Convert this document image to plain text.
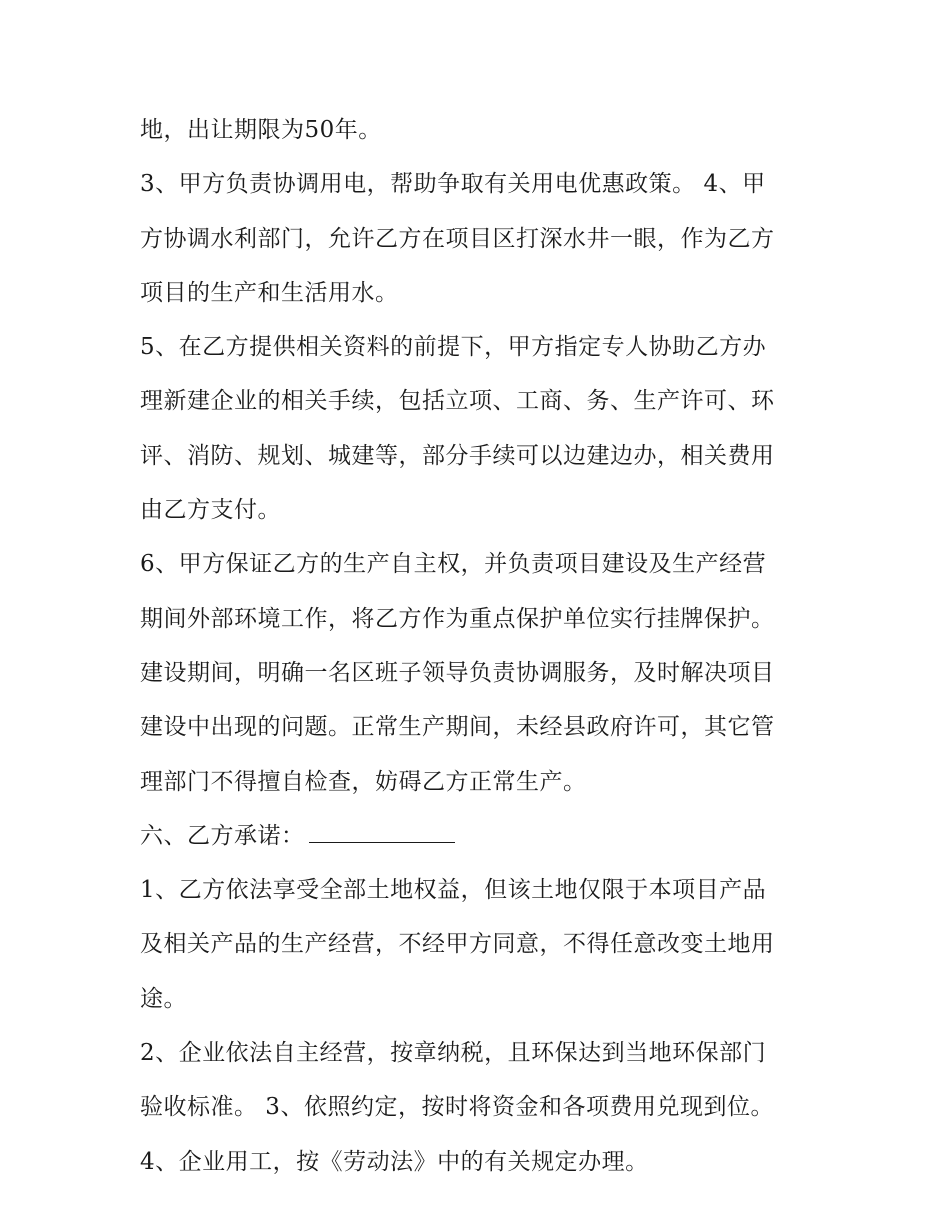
地，出让期限为50年。
3、甲方负责协调用电，帮助争取有关用电优惠政策。 4、甲
方协调水利部门，允许乙方在项目区打深水井一眼，作为乙方
项目的生产和生活用水。
5、在乙方提供相关资料的前提下，甲方指定专人协助乙方办
理新建企业的相关手续，包括立项、工商、务、生产许可、环
评、消防、规划、城建等，部分手续可以边建边办，相关费用
由乙方支付。
6、甲方保证乙方的生产自主权，并负责项目建设及生产经营
期间外部环境工作，将乙方作为重点保护单位实行挂牌保护。
建设期间，明确一名区班子领导负责协调服务，及时解决项目
建设中出现的问题。正常生产期间，未经县政府许可，其它管
理部门不得擅自检查，妨碍乙方正常生产。
六、乙方承诺：
1、乙方依法享受全部土地权益，但该土地仅限于本项目产品
及相关产品的生产经营，不经甲方同意，不得任意改变土地用
途。
2、企业依法自主经营，按章纳税，且环保达到当地环保部门
验收标准。 3、依照约定，按时将资金和各项费用兑现到位。
4、企业用工，按《劳动法》中的有关规定办理。
